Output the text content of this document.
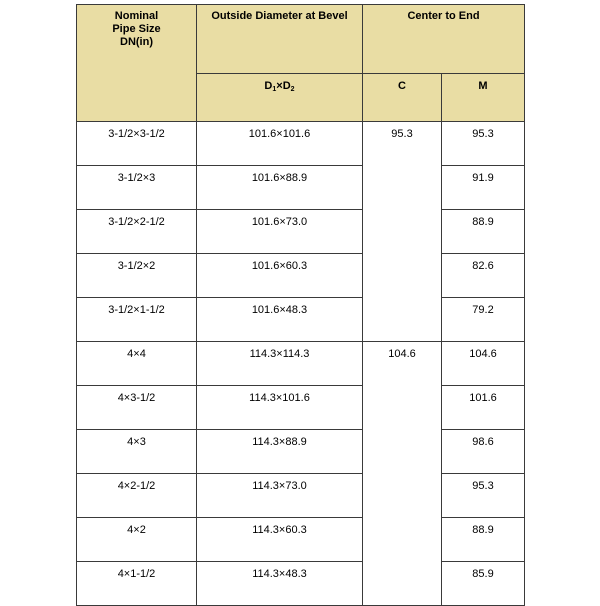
Nominal
Pipe Size
DN(in)	Outside Diameter at Bevel	Center to End	
	D1×D2	C	M
3-1/2×3-1/2	101.6×101.6	95.3	95.3
3-1/2×3	101.6×88.9		91.9
3-1/2×2-1/2	101.6×73.0		88.9
3-1/2×2	101.6×60.3		82.6
3-1/2×1-1/2	101.6×48.3		79.2
4×4	114.3×114.3	104.6	104.6
4×3-1/2	114.3×101.6		101.6
4×3	114.3×88.9		98.6
4×2-1/2	114.3×73.0		95.3
4×2	114.3×60.3		88.9
4×1-1/2	114.3×48.3		85.9
